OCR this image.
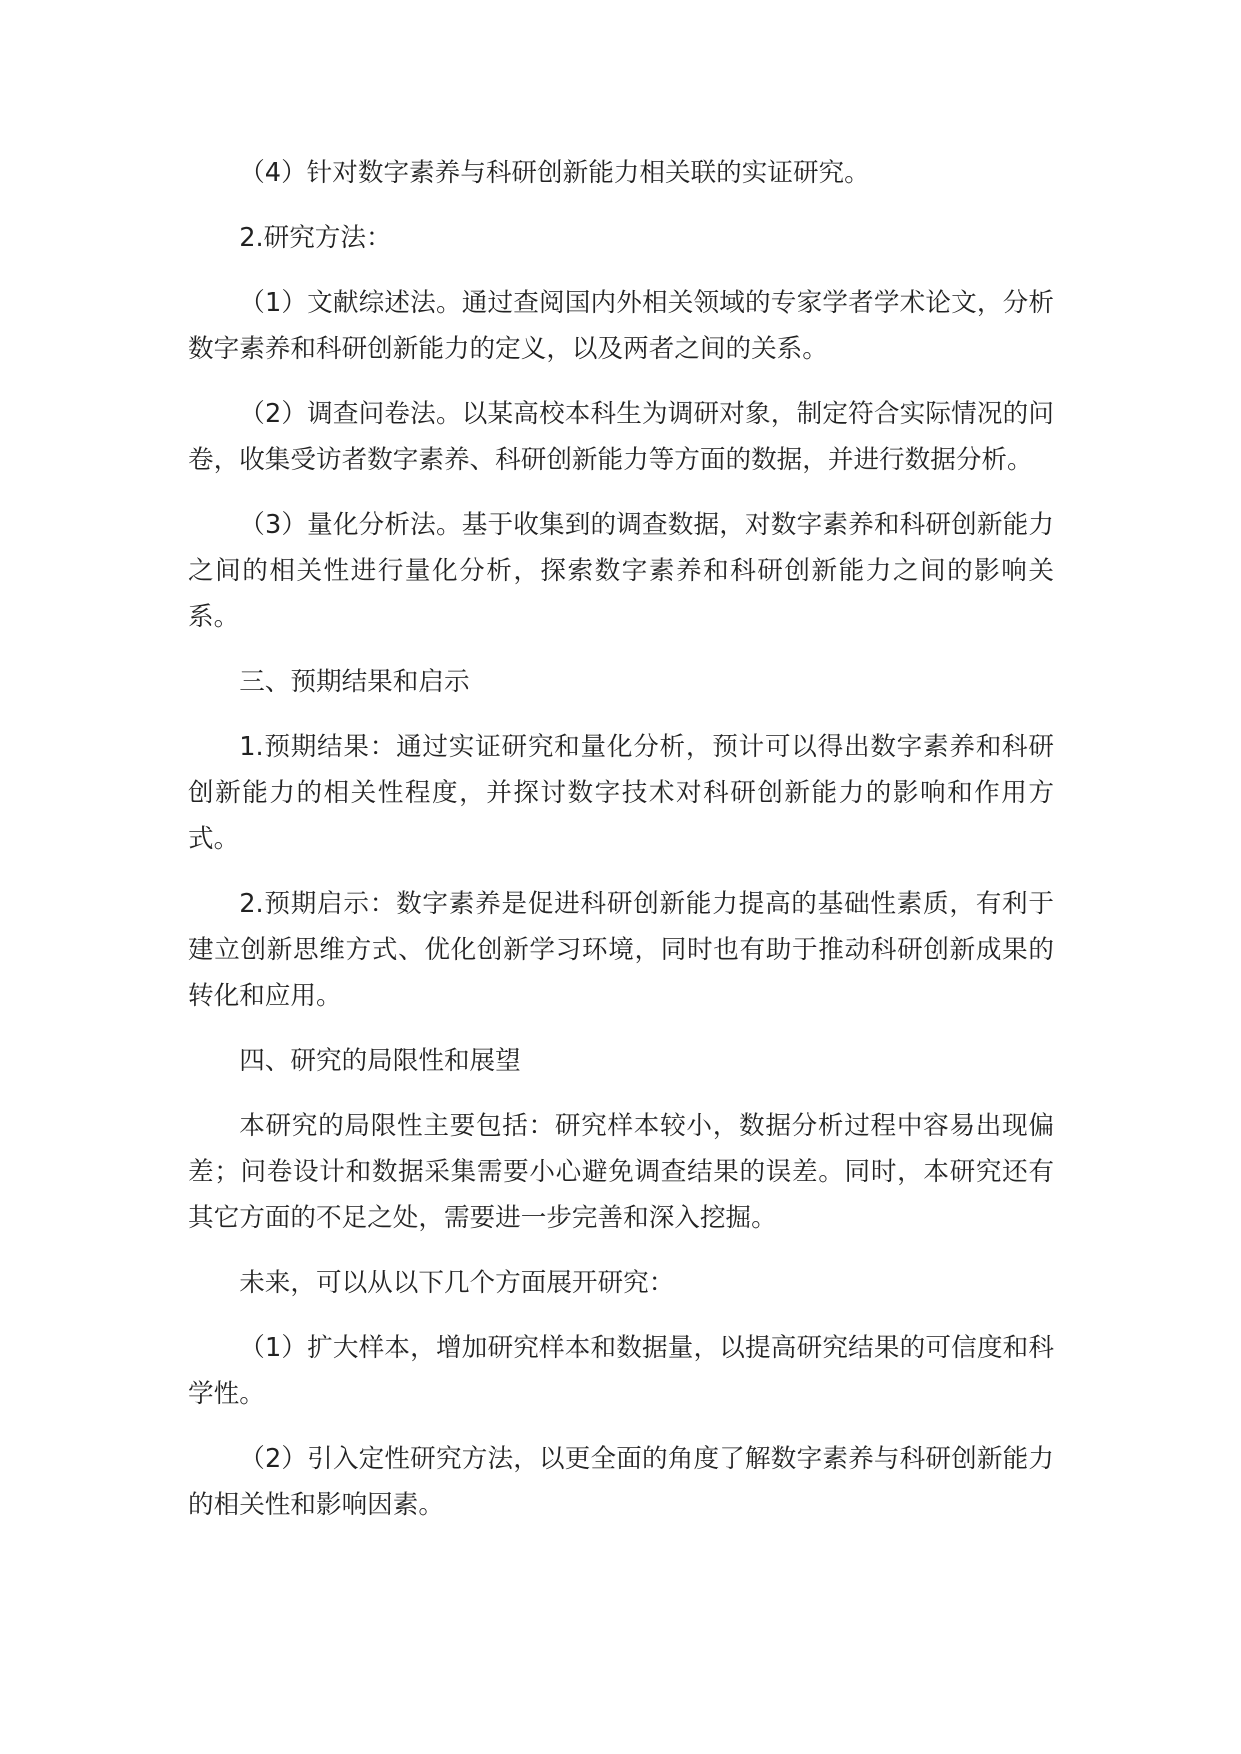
（4）针对数字素养与科研创新能力相关联的实证研究。

2.研究方法：

（1）文献综述法。通过查阅国内外相关领域的专家学者学术论文，分析数字素养和科研创新能力的定义，以及两者之间的关系。

（2）调查问卷法。以某高校本科生为调研对象，制定符合实际情况的问卷，收集受访者数字素养、科研创新能力等方面的数据，并进行数据分析。

（3）量化分析法。基于收集到的调查数据，对数字素养和科研创新能力之间的相关性进行量化分析，探索数字素养和科研创新能力之间的影响关系。

三、预期结果和启示

1.预期结果：通过实证研究和量化分析，预计可以得出数字素养和科研创新能力的相关性程度，并探讨数字技术对科研创新能力的影响和作用方式。

2.预期启示：数字素养是促进科研创新能力提高的基础性素质，有利于建立创新思维方式、优化创新学习环境，同时也有助于推动科研创新成果的转化和应用。

四、研究的局限性和展望

本研究的局限性主要包括：研究样本较小，数据分析过程中容易出现偏差；问卷设计和数据采集需要小心避免调查结果的误差。同时，本研究还有其它方面的不足之处，需要进一步完善和深入挖掘。

未来，可以从以下几个方面展开研究：

（1）扩大样本，增加研究样本和数据量，以提高研究结果的可信度和科学性。

（2）引入定性研究方法，以更全面的角度了解数字素养与科研创新能力的相关性和影响因素。
